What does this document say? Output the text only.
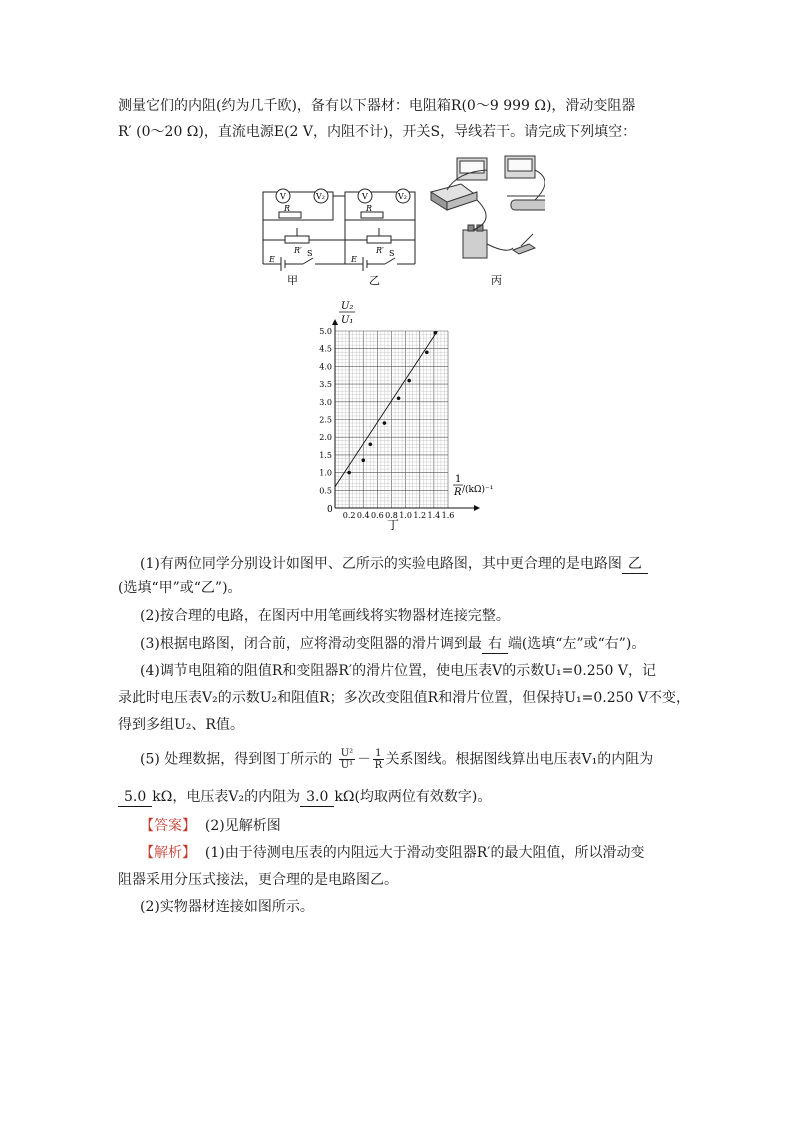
测量它们的内阻(约为几千欧)，备有以下器材：电阻箱R(0～9 999 Ω)，滑动变阻器
R′ (0～20 Ω)，直流电源E(2 V，内阻不计)，开关S，导线若干。请完成下列填空：
V	V₂
R
R′ S
E
甲
V	V₂
R
R′ S
E
乙	丙
0.2 0.4 0.6 0.8 1.0 1.2 1.4 1.6
0.5
1.0
1.5
2.0
2.5
3.0
3.5
4.0
4.5
5.0
U₂
U₁
1
R /(kΩ)⁻¹
0
丁
(1)有两位同学分别设计如图甲、乙所示的实验电路图，其中更合理的是电路图 乙
(选填“甲”或“乙”)。
(2)按合理的电路，在图丙中用笔画线将实物器材连接完整。
(3)根据电路图，闭合前，应将滑动变阻器的滑片调到最 右 端(选填“左”或“右”)。
(4)调节电阻箱的阻值R和变阻器R′的滑片位置，使电压表V的示数U₁=0.250 V，记
录此时电压表V₂的示数U₂和阻值R；多次改变阻值R和滑片位置，但保持U₁=0.250 V不变，
得到多组U₂、R值。
(5) 处理数据，得到图丁所示的 $\frac{\text{U²}}{\text{U¹}} - \frac{1}{R}$ 关系图线。根据图线算出电压表V₁的内阻为
5.0 kΩ，电压表V₂的内阻为 3.0 kΩ(均取两位有效数字)。
【答案】 (2)见解析图
【解析】 (1)由于待测电压表的内阻远大于滑动变阻器R′的最大阻值，所以滑动变
阻器采用分压式接法，更合理的是电路图乙。
(2)实物器材连接如图所示。
